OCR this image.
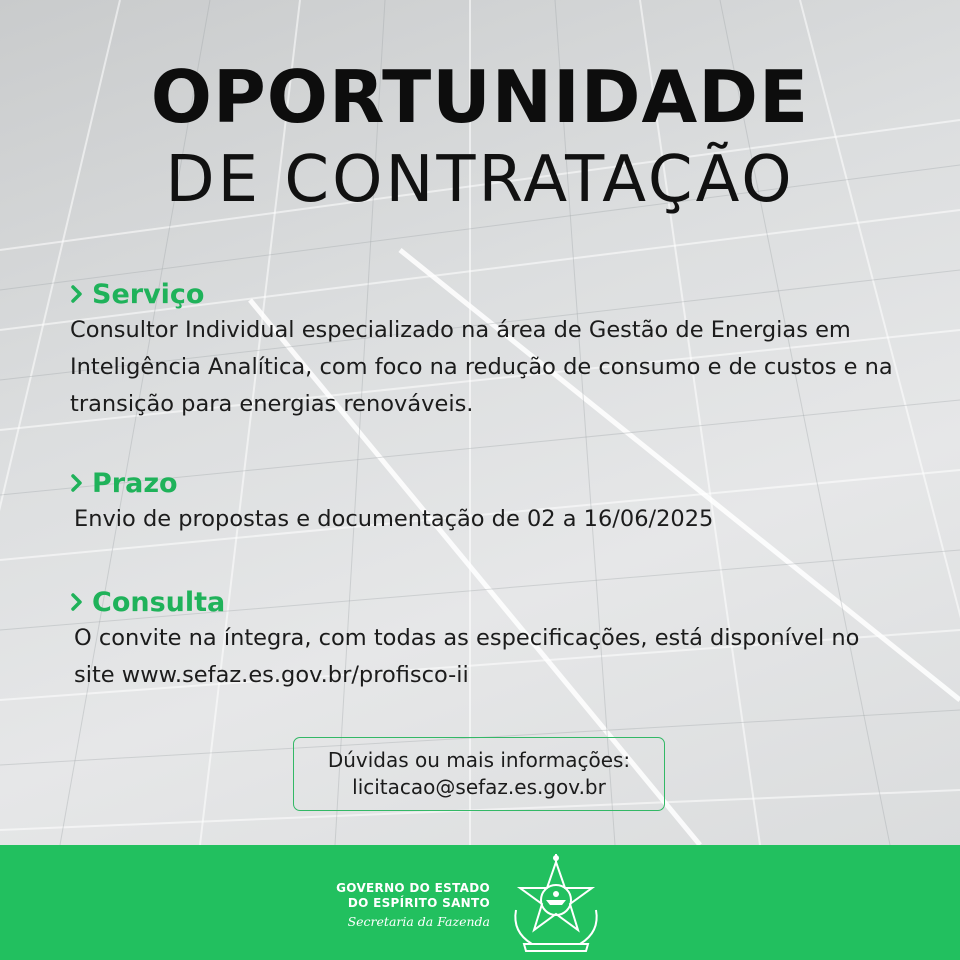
OPORTUNIDADE
DE CONTRATAÇÃO
Serviço

Consultor Individual especializado na área de Gestão de Energias em Inteligência Analítica, com foco na redução de consumo e de custos e na transição para energias renováveis.

Prazo

Envio de propostas e documentação de 02 a 16/06/2025

Consulta

O convite na íntegra, com todas as especificações, está disponível no site www.sefaz.es.gov.br/profisco-ii

Dúvidas ou mais informações:
licitacao@sefaz.es.gov.br
GOVERNO DO ESTADO
DO ESPÍRITO SANTO
Secretaria da Fazenda
